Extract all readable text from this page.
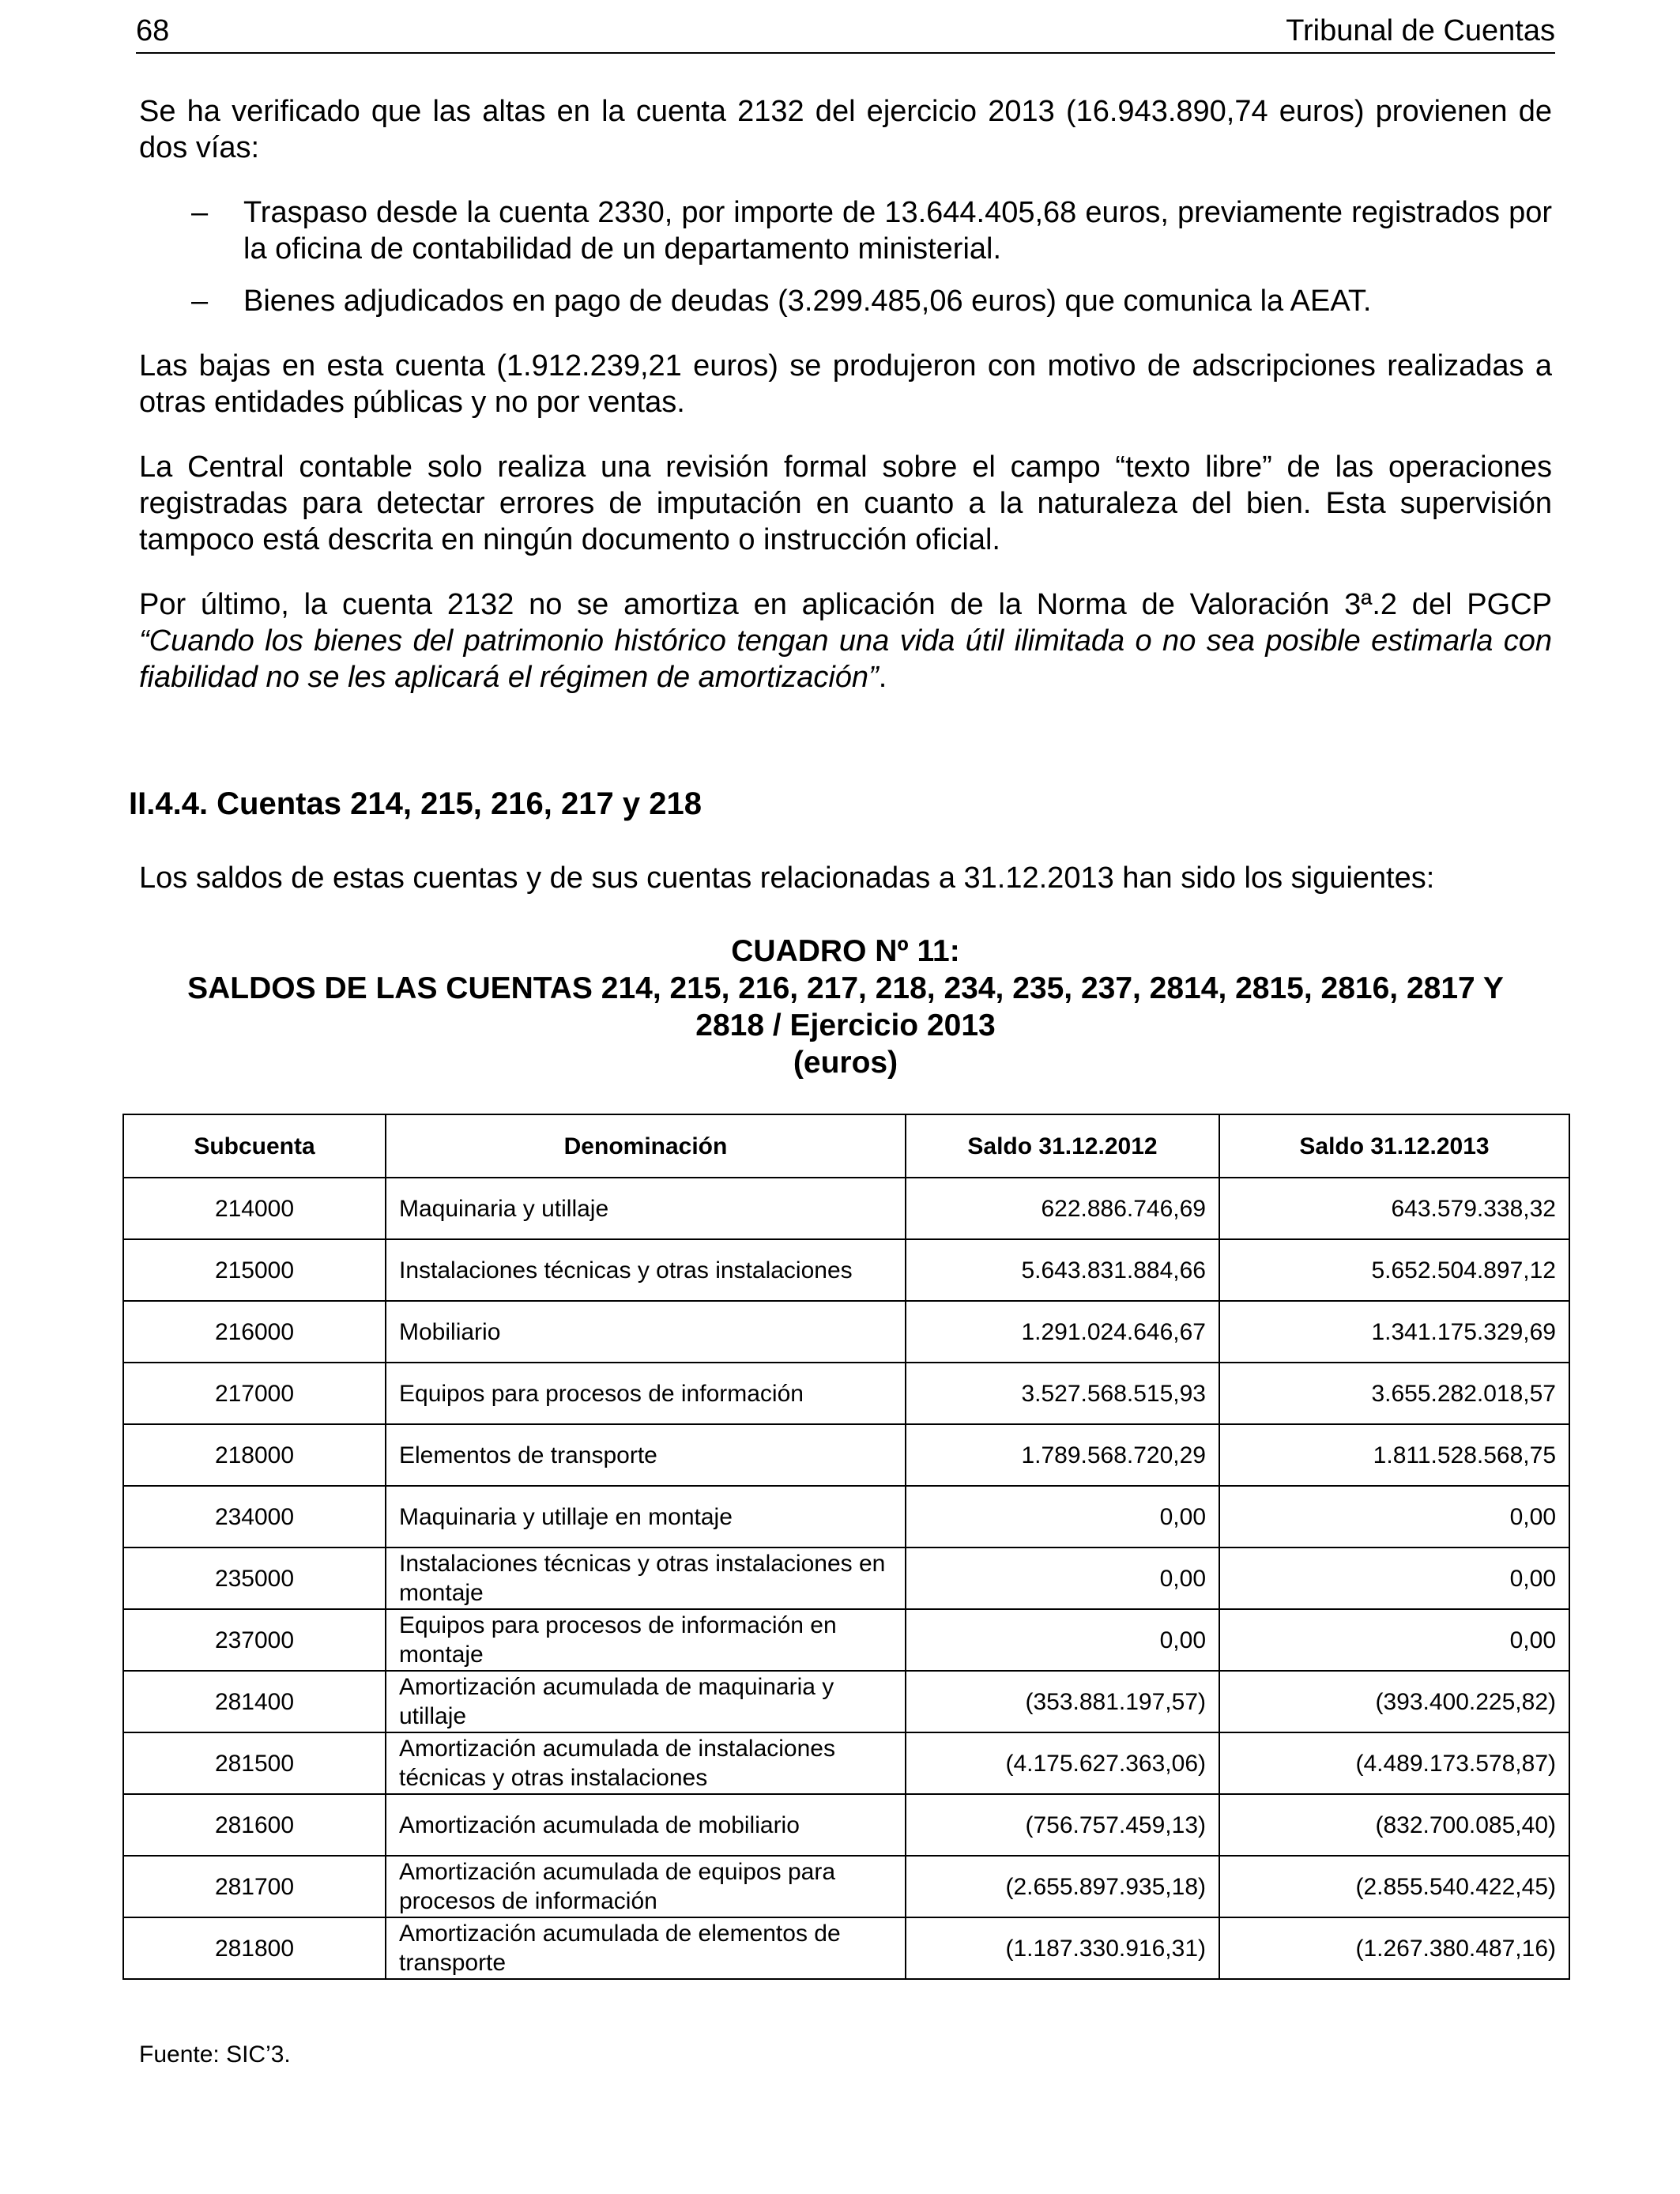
68	Tribunal de Cuentas

Se ha verificado que las altas en la cuenta 2132 del ejercicio 2013 (16.943.890,74 euros) provienen de dos vías:

– Traspaso desde la cuenta 2330, por importe de 13.644.405,68 euros, previamente registrados por la oficina de contabilidad de un departamento ministerial.
– Bienes adjudicados en pago de deudas (3.299.485,06 euros) que comunica la AEAT.

Las bajas en esta cuenta (1.912.239,21 euros) se produjeron con motivo de adscripciones realizadas a otras entidades públicas y no por ventas.

La Central contable solo realiza una revisión formal sobre el campo “texto libre” de las operaciones registradas para detectar errores de imputación en cuanto a la naturaleza del bien. Esta supervisión tampoco está descrita en ningún documento o instrucción oficial.

Por último, la cuenta 2132 no se amortiza en aplicación de la Norma de Valoración 3ª.2 del PGCP “Cuando los bienes del patrimonio histórico tengan una vida útil ilimitada o no sea posible estimarla con fiabilidad no se les aplicará el régimen de amortización”.

II.4.4. Cuentas 214, 215, 216, 217 y 218

Los saldos de estas cuentas y de sus cuentas relacionadas a 31.12.2013 han sido los siguientes:

CUADRO Nº 11:
SALDOS DE LAS CUENTAS 214, 215, 216, 217, 218, 234, 235, 237, 2814, 2815, 2816, 2817 Y
2818 / Ejercicio 2013
(euros)
Subcuenta	Denominación	Saldo 31.12.2012	Saldo 31.12.2013
214000	Maquinaria y utillaje	622.886.746,69	643.579.338,32
215000	Instalaciones técnicas y otras instalaciones	5.643.831.884,66	5.652.504.897,12
216000	Mobiliario	1.291.024.646,67	1.341.175.329,69
217000	Equipos para procesos de información	3.527.568.515,93	3.655.282.018,57
218000	Elementos de transporte	1.789.568.720,29	1.811.528.568,75
234000	Maquinaria y utillaje en montaje	0,00	0,00
235000	Instalaciones técnicas y otras instalaciones en montaje	0,00	0,00
237000	Equipos para procesos de información en montaje	0,00	0,00
281400	Amortización acumulada de maquinaria y utillaje	(353.881.197,57)	(393.400.225,82)
281500	Amortización acumulada de instalaciones técnicas y otras instalaciones	(4.175.627.363,06)	(4.489.173.578,87)
281600	Amortización acumulada de mobiliario	(756.757.459,13)	(832.700.085,40)
281700	Amortización acumulada de equipos para procesos de información	(2.655.897.935,18)	(2.855.540.422,45)
281800	Amortización acumulada de elementos de transporte	(1.187.330.916,31)	(1.267.380.487,16)
Fuente: SIC’3.
